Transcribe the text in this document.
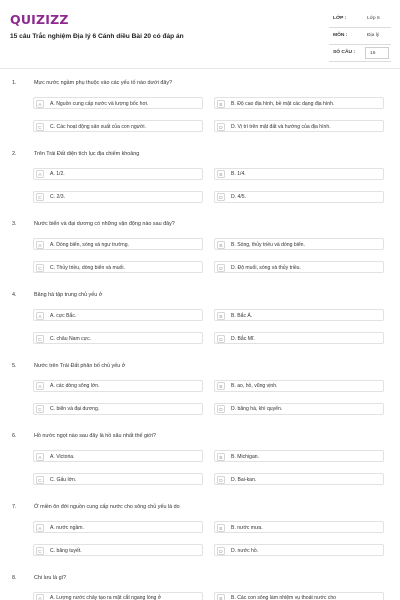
QUIZIZZ
15 câu Trắc nghiệm Địa lý 6 Cánh diều Bài 20 có đáp án
LỚP :	Lớp 6
MÔN :	Địa lý
SỐ CÂU :	15
1.	Mực nước ngầm phụ thuộc vào các yếu tố nào dưới đây?
A	A. Nguồn cung cấp nước và lượng bốc hơi.	B	B. Độ cao địa hình, bề mặt các dạng địa hình.
C	C. Các hoạt động sản xuất của con người.	D	D. Vị trí trên mặt đất và hướng của địa hình.
2.	Trên Trái Đất diện tích lục địa chiếm khoảng
A	A. 1/2.	B	B. 1/4.
C	C. 2/3.	D	D. 4/5.
3.	Nước biển và đại dương có những vận động nào sau đây?
A	A. Dòng biển, sóng và ngư trường.	B	B. Sóng, thủy triều và dòng biển.
C	C. Thủy triều, dòng biển và muối.	D	D. Độ muối, sóng và thủy triều.
4.	Băng hà tập trung chủ yếu ở
A	A. cực Bắc.	B	B. Bắc Á.
C	C. châu Nam cực.	D	D. Bắc Mĩ.
5.	Nước trên Trái Đất phân bố chủ yếu ở
A	A. các dòng sông lớn.	B	B. ao, hồ, vũng vịnh.
C	C. biển và đại dương.	D	D. băng hà, khí quyển.
6.	Hồ nước ngọt nào sau đây là hồ sâu nhất thế giới?
A	A. Victoria.	B	B. Michigan.
C	C. Gấu lớn.	D	D. Bai-kan.
7.	Ở miền ôn đới nguồn cung cấp nước cho sông chủ yếu là do
A	A. nước ngầm.	B	B. nước mưa.
C	C. băng tuyết.	D	D. nước hồ.
8.	Chi lưu là gì?
A	A. Lượng nước chảy tạo ra mặt cắt ngang lòng ở	B	B. Các con sông làm nhiệm vụ thoát nước cho
